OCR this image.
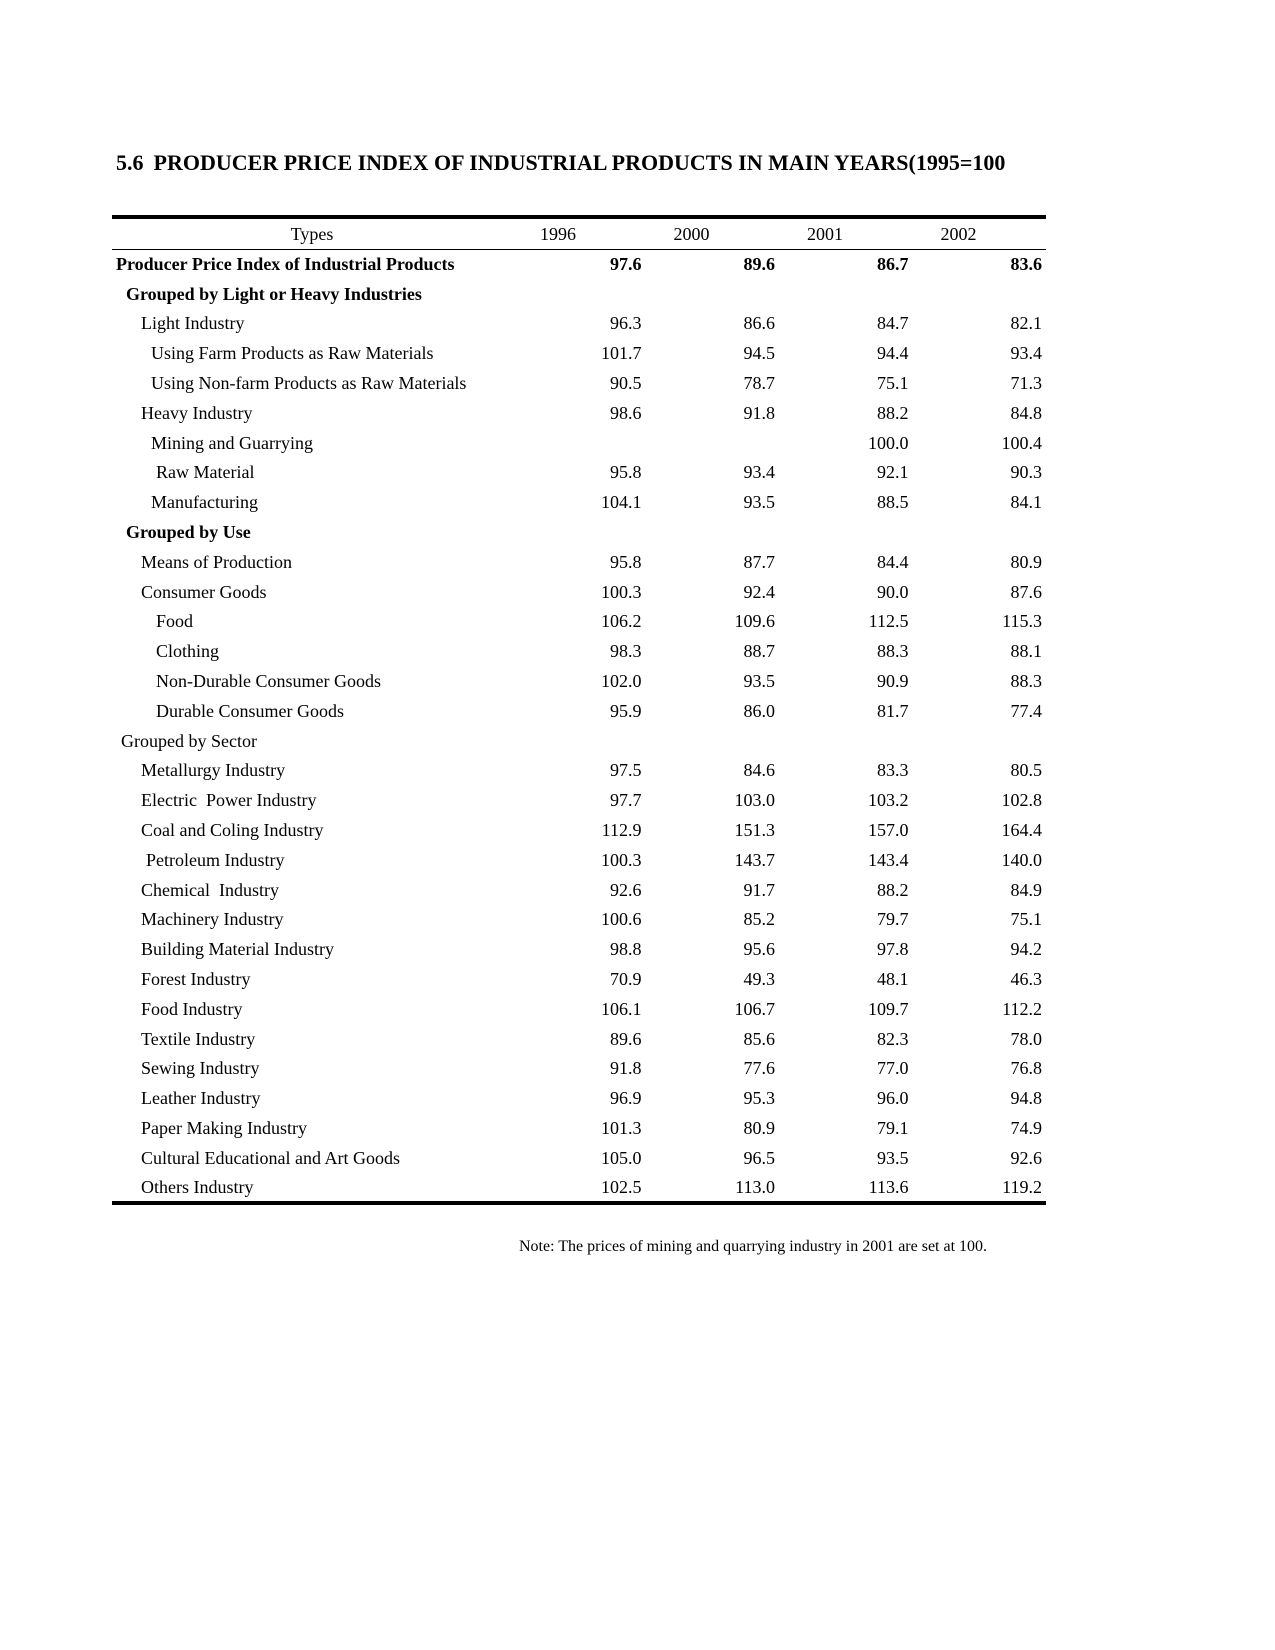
5.6 PRODUCER PRICE INDEX OF INDUSTRIAL PRODUCTS IN MAIN YEARS(1995=100
Types	1996	2000	2001	2002
Producer Price Index of Industrial Products	97.6	89.6	86.7	83.6
Grouped by Light or Heavy Industries				
Light Industry	96.3	86.6	84.7	82.1
Using Farm Products as Raw Materials	101.7	94.5	94.4	93.4
Using Non-farm Products as Raw Materials	90.5	78.7	75.1	71.3
Heavy Industry	98.6	91.8	88.2	84.8
Mining and Guarrying			100.0	100.4
Raw Material	95.8	93.4	92.1	90.3
Manufacturing	104.1	93.5	88.5	84.1
Grouped by Use				
Means of Production	95.8	87.7	84.4	80.9
Consumer Goods	100.3	92.4	90.0	87.6
Food	106.2	109.6	112.5	115.3
Clothing	98.3	88.7	88.3	88.1
Non-Durable Consumer Goods	102.0	93.5	90.9	88.3
Durable Consumer Goods	95.9	86.0	81.7	77.4
Grouped by Sector				
Metallurgy Industry	97.5	84.6	83.3	80.5
Electric  Power Industry	97.7	103.0	103.2	102.8
Coal and Coling Industry	112.9	151.3	157.0	164.4
Petroleum Industry	100.3	143.7	143.4	140.0
Chemical  Industry	92.6	91.7	88.2	84.9
Machinery Industry	100.6	85.2	79.7	75.1
Building Material Industry	98.8	95.6	97.8	94.2
Forest Industry	70.9	49.3	48.1	46.3
Food Industry	106.1	106.7	109.7	112.2
Textile Industry	89.6	85.6	82.3	78.0
Sewing Industry	91.8	77.6	77.0	76.8
Leather Industry	96.9	95.3	96.0	94.8
Paper Making Industry	101.3	80.9	79.1	74.9
Cultural Educational and Art Goods	105.0	96.5	93.5	92.6
Others Industry	102.5	113.0	113.6	119.2
Note: The prices of mining and quarrying industry in 2001 are set at 100.
